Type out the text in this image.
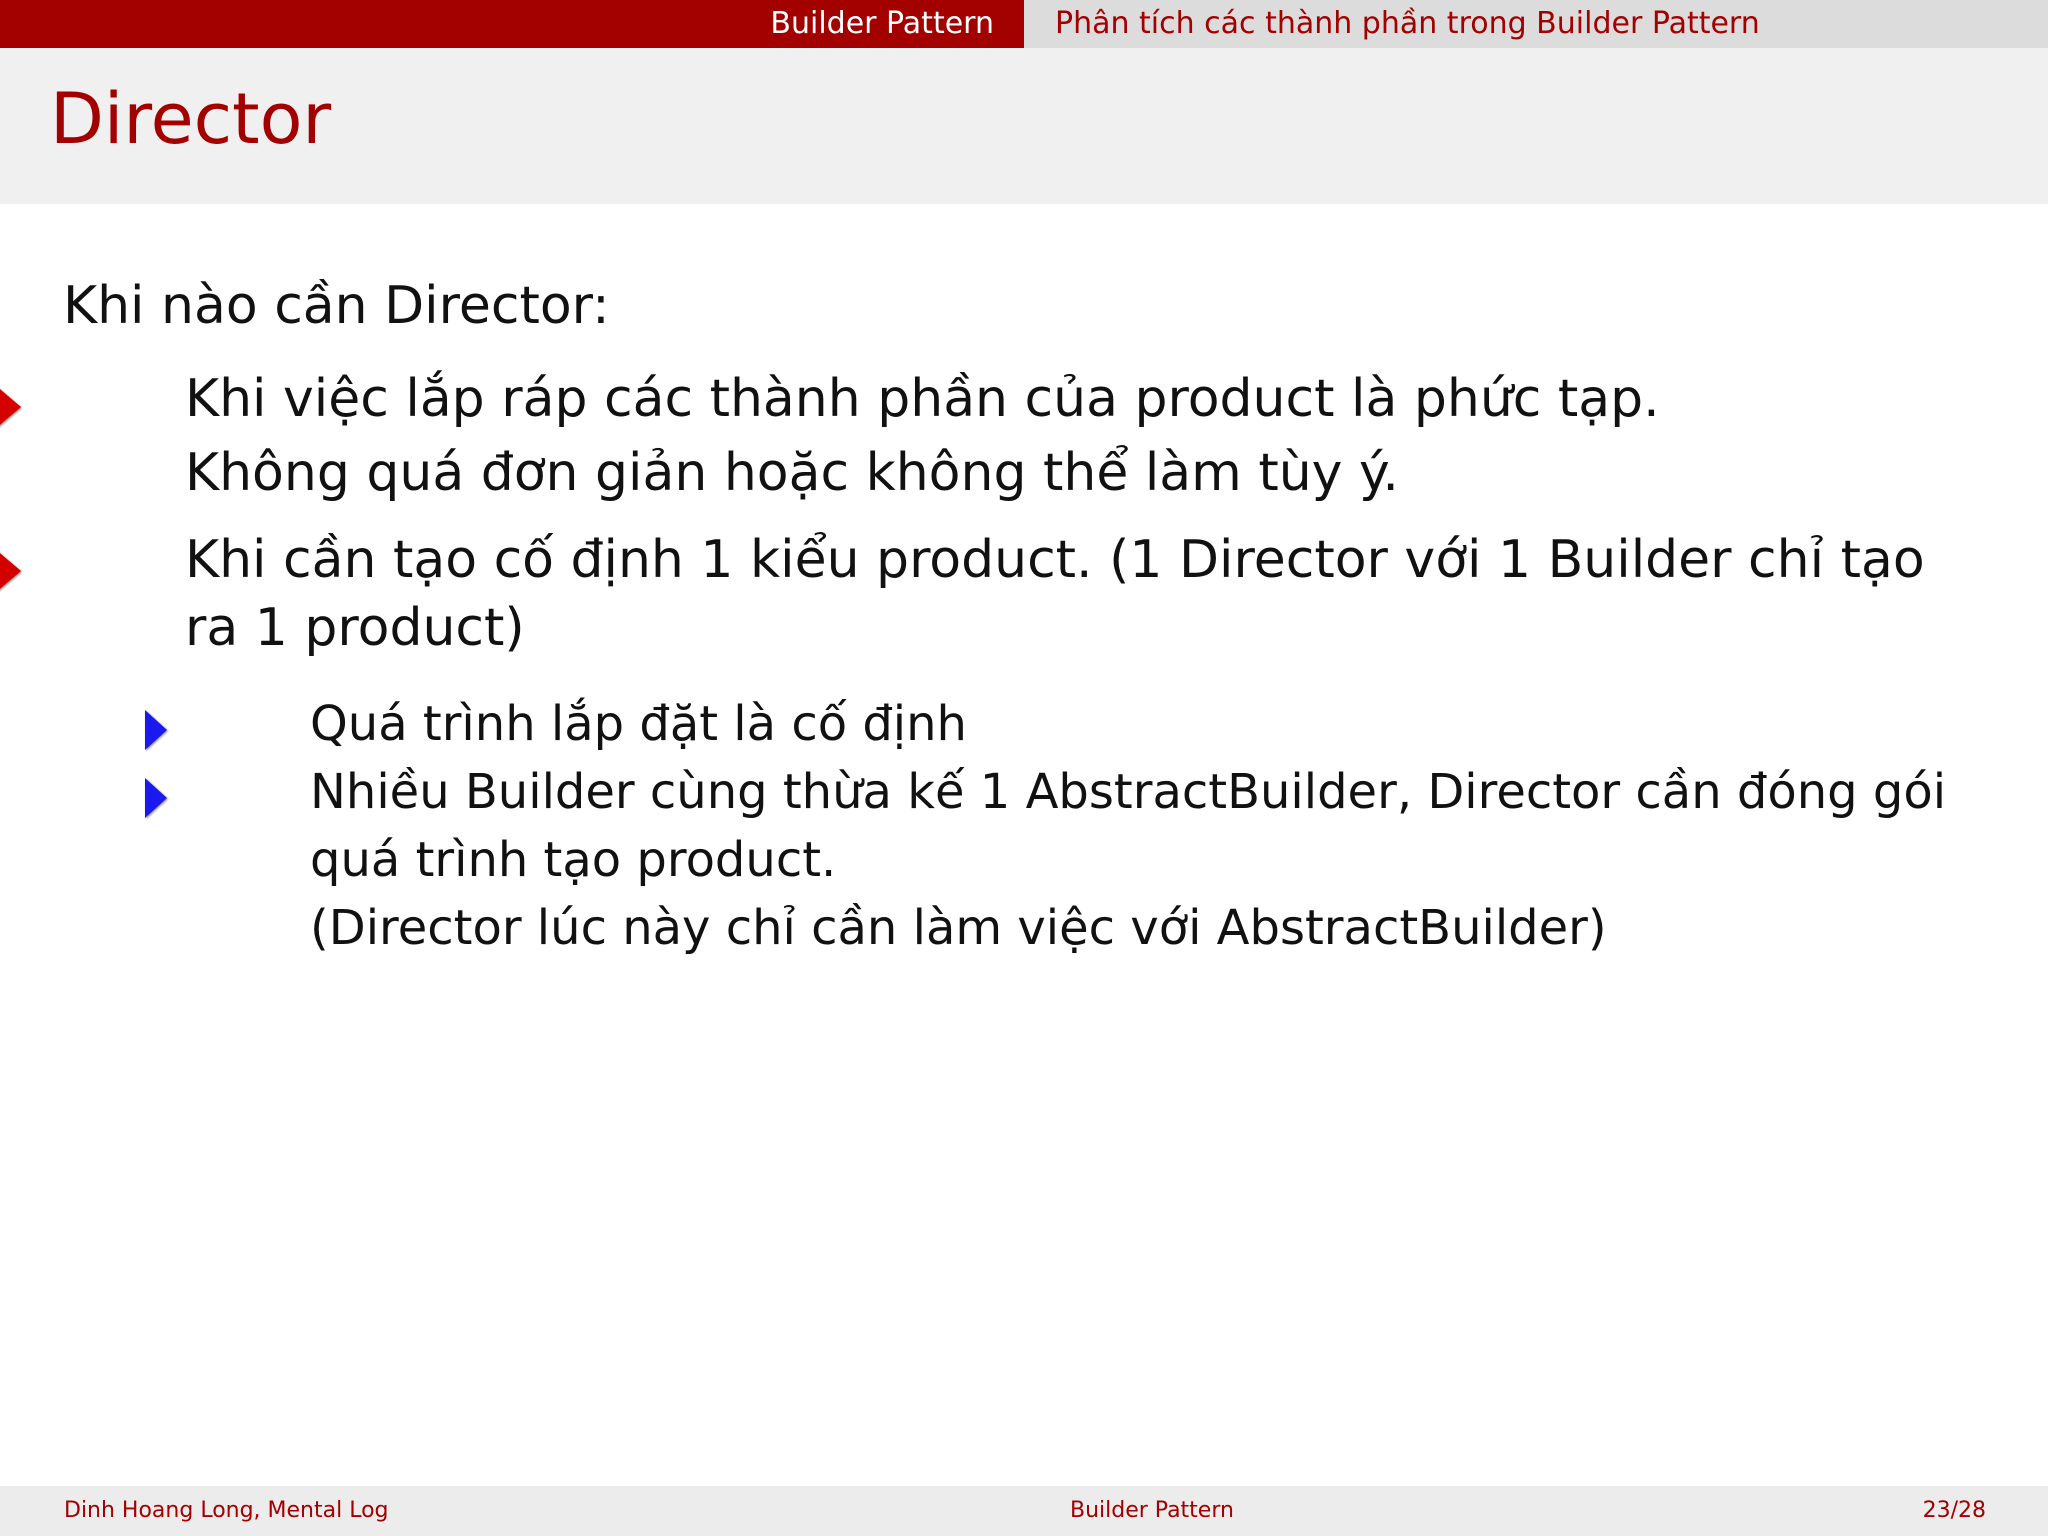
Builder Pattern	Phân tích các thành phần trong Builder Pattern
Director
Khi nào cần Director:
Khi việc lắp ráp các thành phần của product là phức tạp.
Không quá đơn giản hoặc không thể làm tùy ý.
Khi cần tạo cố định 1 kiểu product. (1 Director với 1 Builder chỉ tạo
ra 1 product)
Quá trình lắp đặt là cố định
Nhiều Builder cùng thừa kế 1 AbstractBuilder, Director cần đóng gói
quá trình tạo product.
(Director lúc này chỉ cần làm việc với AbstractBuilder)
Dinh Hoang Long, Mental Log	Builder Pattern	23/28
